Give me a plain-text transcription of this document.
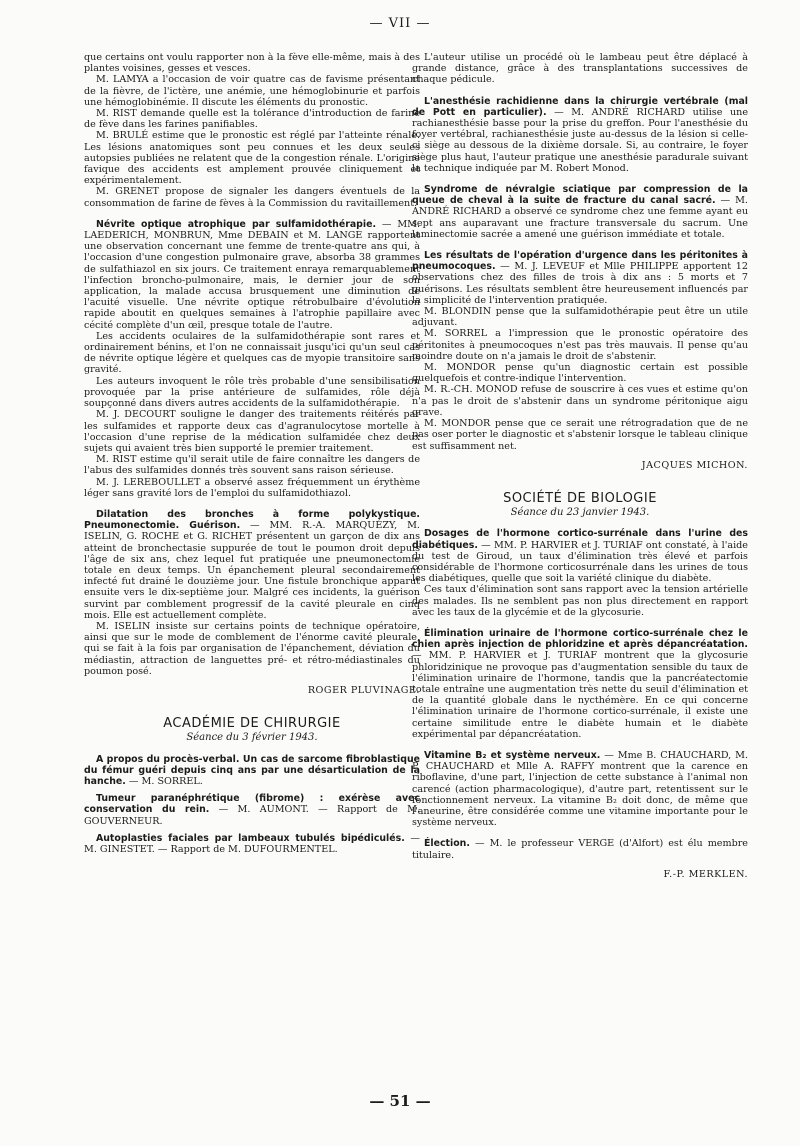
— VII —

que certains ont voulu rapporter non à la fève elle-même, mais à des plantes voisines, gesses et vesces.

M. LAMYA a l'occasion de voir quatre cas de favisme présentant de la fièvre, de l'ictère, une anémie, une hémoglobinurie et parfois une hémoglobinémie. Il discute les éléments du pronostic.

M. RIST demande quelle est la tolérance d'introduction de farine de fève dans les farines panifiables.

M. BRULÉ estime que le pronostic est réglé par l'atteinte rénale. Les lésions anatomiques sont peu connues et les deux seules autopsies publiées ne relatent que de la congestion rénale. L'origine favique des accidents est amplement prouvée cliniquement et expérimentalement.

M. GRENET propose de signaler les dangers éventuels de la consommation de farine de fèves à la Commission du ravitaillement.

Névrite optique atrophique par sulfamidothérapie. — MM. LAEDERICH, MONBRUN, Mme DEBAIN et M. LANGE rapportent une observation concernant une femme de trente-quatre ans qui, à l'occasion d'une congestion pulmonaire grave, absorba 38 grammes de sulfathiazol en six jours. Ce traitement enraya remarquablement l'infection broncho-pulmonaire, mais, le dernier jour de son application, la malade accusa brusquement une diminution de l'acuité visuelle. Une névrite optique rétrobulbaire d'évolution rapide aboutit en quelques semaines à l'atrophie papillaire avec cécité complète d'un œil, presque totale de l'autre.

Les accidents oculaires de la sulfamidothérapie sont rares et ordinairement bénins, et l'on ne connaissait jusqu'ici qu'un seul cas de névrite optique légère et quelques cas de myopie transitoire sans gravité.

Les auteurs invoquent le rôle très probable d'une sensibilisation provoquée par la prise antérieure de sulfamides, rôle déjà soupçonné dans divers autres accidents de la sulfamidothérapie.

M. J. DECOURT souligne le danger des traitements réitérés par les sulfamides et rapporte deux cas d'agranulocytose mortelle à l'occasion d'une reprise de la médication sulfamidée chez deux sujets qui avaient très bien supporté le premier traitement.

M. RIST estime qu'il serait utile de faire connaître les dangers de l'abus des sulfamides donnés très souvent sans raison sérieuse.

M. J. LEREBOULLET a observé assez fréquemment un érythème léger sans gravité lors de l'emploi du sulfamidothiazol.

Dilatation des bronches à forme polykystique. Pneumonectomie. Guérison. — MM. R.-A. MARQUÉZY, M. ISELIN, G. ROCHE et G. RICHET présentent un garçon de dix ans atteint de bronchectasie suppurée de tout le poumon droit depuis l'âge de six ans, chez lequel fut pratiquée une pneumonectomie totale en deux temps. Un épanchement pleural secondairement infecté fut drainé le douzième jour. Une fistule bronchique apparut ensuite vers le dix-septième jour. Malgré ces incidents, la guérison survint par comblement progressif de la cavité pleurale en cinq mois. Elle est actuellement complète.

M. ISELIN insiste sur certains points de technique opératoire, ainsi que sur le mode de comblement de l'énorme cavité pleurale, qui se fait à la fois par organisation de l'épanchement, déviation du médiastin, attraction de languettes pré- et rétro-médiastinales du poumon posé.

ROGER PLUVINAGE.

ACADÉMIE DE CHIRURGIE

Séance du 3 février 1943.

A propos du procès-verbal. Un cas de sarcome fibroblastique du fémur guéri depuis cinq ans par une désarticulation de la hanche. — M. SORREL.

Tumeur paranéphrétique (fibrome) : exérèse avec conservation du rein. — M. AUMONT. — Rapport de M. GOUVERNEUR.

Autoplasties faciales par lambeaux tubulés bipédiculés. — M. GINESTET. — Rapport de M. DUFOURMENTEL.

L'auteur utilise un procédé où le lambeau peut être déplacé à grande distance, grâce à des transplantations successives de chaque pédicule.

L'anesthésie rachidienne dans la chirurgie vertébrale (mal de Pott en particulier). — M. ANDRÉ RICHARD utilise une rachianesthésie basse pour la prise du greffon. Pour l'anesthésie du foyer vertébral, rachianesthésie juste au-dessus de la lésion si celle-ci siège au dessous de la dixième dorsale. Si, au contraire, le foyer siège plus haut, l'auteur pratique une anesthésie paradurale suivant la technique indiquée par M. Robert Monod.

Syndrome de névralgie sciatique par compression de la queue de cheval à la suite de fracture du canal sacré. — M. ANDRÉ RICHARD a observé ce syndrome chez une femme ayant eu sept ans auparavant une fracture transversale du sacrum. Une laminectomie sacrée a amené une guérison immédiate et totale.

Les résultats de l'opération d'urgence dans les péritonites à pneumocoques. — M. J. LEVEUF et Mlle PHILIPPE apportent 12 observations chez des filles de trois à dix ans : 5 morts et 7 guérisons. Les résultats semblent être heureusement influencés par la simplicité de l'intervention pratiquée.

M. BLONDIN pense que la sulfamidothérapie peut être un utile adjuvant.

M. SORREL a l'impression que le pronostic opératoire des péritonites à pneumocoques n'est pas très mauvais. Il pense qu'au moindre doute on n'a jamais le droit de s'abstenir.

M. MONDOR pense qu'un diagnostic certain est possible quelquefois et contre-indique l'intervention.

M. R.-CH. MONOD refuse de souscrire à ces vues et estime qu'on n'a pas le droit de s'abstenir dans un syndrome péritonique aigu grave.

M. MONDOR pense que ce serait une rétrogradation que de ne pas oser porter le diagnostic et s'abstenir lorsque le tableau clinique est suffisamment net.

JACQUES MICHON.

SOCIÉTÉ DE BIOLOGIE

Séance du 23 janvier 1943.

Dosages de l'hormone cortico-surrénale dans l'urine des diabétiques. — MM. P. HARVIER et J. TURIAF ont constaté, à l'aide du test de Giroud, un taux d'élimination très élevé et parfois considérable de l'hormone corticosurrénale dans les urines de tous les diabétiques, quelle que soit la variété clinique du diabète.

Ces taux d'élimination sont sans rapport avec la tension artérielle des malades. Ils ne semblent pas non plus directement en rapport avec les taux de la glycémie et de la glycosurie.

Élimination urinaire de l'hormone cortico-surrénale chez le chien après injection de phloridzine et après dépancréatation. — MM. P. HARVIER et J. TURIAF montrent que la glycosurie phloridzinique ne provoque pas d'augmentation sensible du taux de l'élimination urinaire de l'hormone, tandis que la pancréatectomie totale entraîne une augmentation très nette du seuil d'élimination et de la quantité globale dans le nycthémère. En ce qui concerne l'élimination urinaire de l'hormone cortico-surrénale, il existe une certaine similitude entre le diabète humain et le diabète expérimental par dépancréatation.

Vitamine B₂ et système nerveux. — Mme B. CHAUCHARD, M. P. CHAUCHARD et Mlle A. RAFFY montrent que la carence en riboflavine, d'une part, l'injection de cette substance à l'animal non carencé (action pharmacologique), d'autre part, retentissent sur le fonctionnement nerveux. La vitamine B₂ doit donc, de même que l'aneurine, être considérée comme une vitamine importante pour le système nerveux.

Élection. — M. le professeur VERGE (d'Alfort) est élu membre titulaire.

F.-P. MERKLEN.

— 51 —
